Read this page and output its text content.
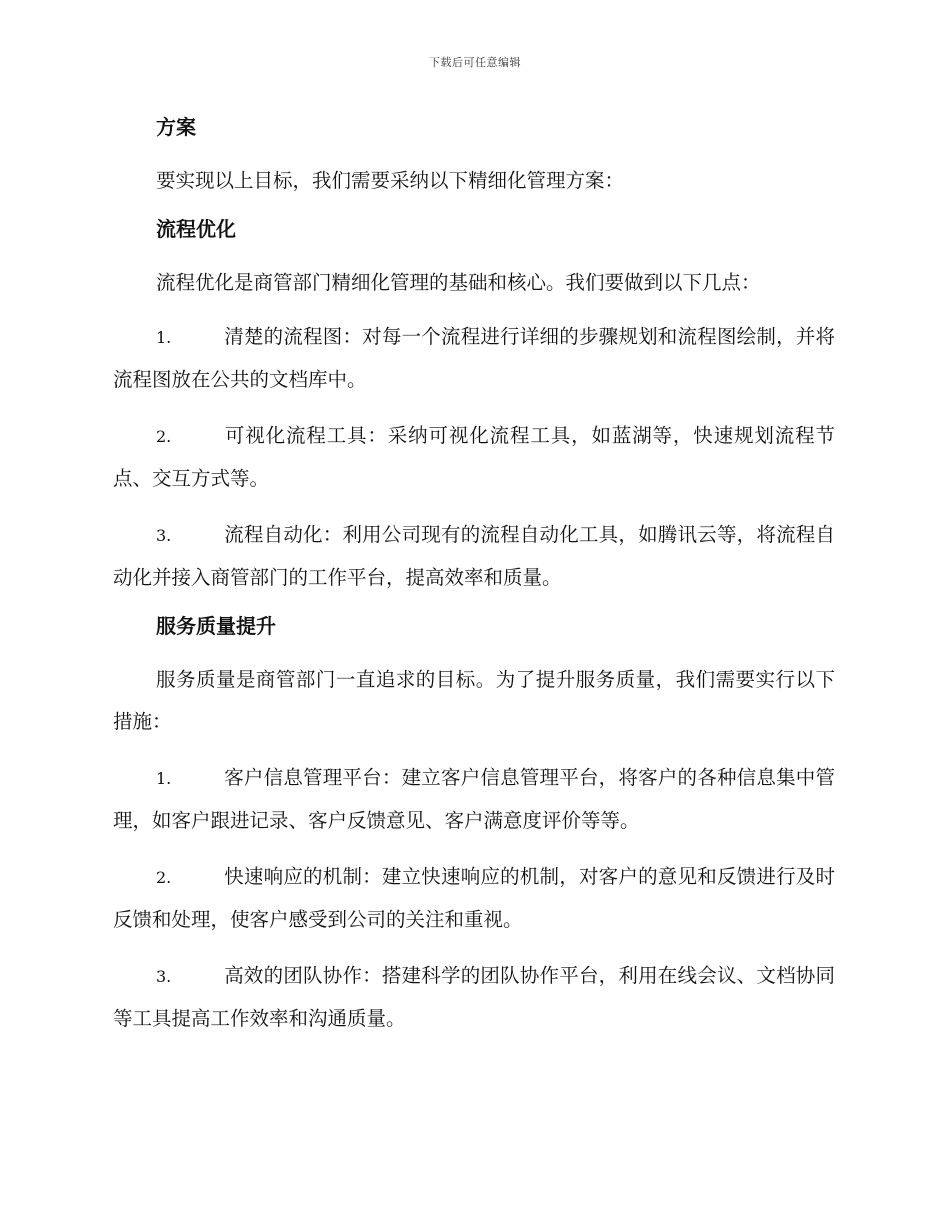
下载后可任意编辑
方案

要实现以上目标，我们需要采纳以下精细化管理方案：

流程优化

流程优化是商管部门精细化管理的基础和核心。我们要做到以下几点：

1.	清楚的流程图：对每一个流程进行详细的步骤规划和流程图绘制，并将流程图放在公共的文档库中。

2.	可视化流程工具：采纳可视化流程工具，如蓝湖等，快速规划流程节点、交互方式等。

3.	流程自动化：利用公司现有的流程自动化工具，如腾讯云等，将流程自动化并接入商管部门的工作平台，提高效率和质量。

服务质量提升

服务质量是商管部门一直追求的目标。为了提升服务质量，我们需要实行以下措施：

1.	客户信息管理平台：建立客户信息管理平台，将客户的各种信息集中管理，如客户跟进记录、客户反馈意见、客户满意度评价等等。

2.	快速响应的机制：建立快速响应的机制，对客户的意见和反馈进行及时反馈和处理，使客户感受到公司的关注和重视。

3.	高效的团队协作：搭建科学的团队协作平台，利用在线会议、文档协同等工具提高工作效率和沟通质量。
